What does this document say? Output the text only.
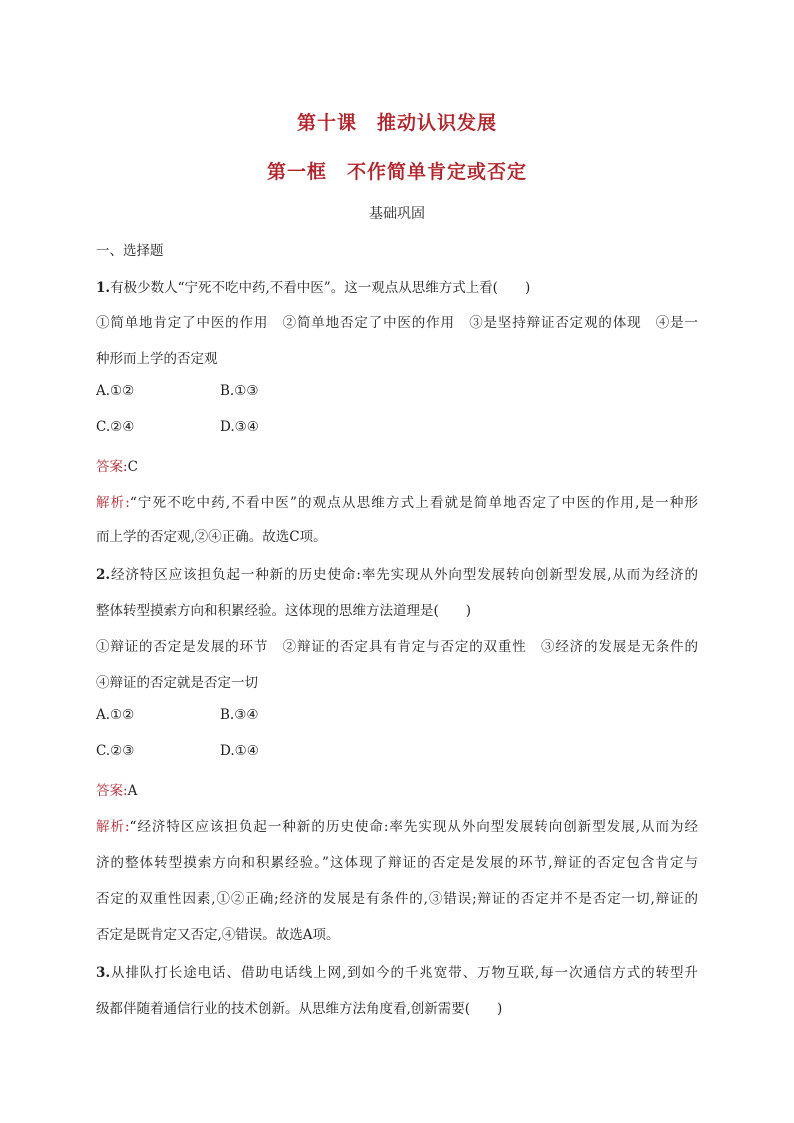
第十课　推动认识发展
第一框　不作简单肯定或否定
基础巩固
一、选择题
1.有极少数人“宁死不吃中药,不看中医”。这一观点从思维方式上看(　　)
①简单地肯定了中医的作用　②简单地否定了中医的作用　③是坚持辩证否定观的体现　④是一
种形而上学的否定观
A.①②	B.①③
C.②④	D.③④
答案:C
解析:“宁死不吃中药,不看中医”的观点从思维方式上看就是简单地否定了中医的作用,是一种形
而上学的否定观,②④正确。故选C项。
2.经济特区应该担负起一种新的历史使命:率先实现从外向型发展转向创新型发展,从而为经济的
整体转型摸索方向和积累经验。这体现的思维方法道理是(　　)
①辩证的否定是发展的环节　②辩证的否定具有肯定与否定的双重性　③经济的发展是无条件的
④辩证的否定就是否定一切
A.①②	B.③④
C.②③	D.①④
答案:A
解析:“经济特区应该担负起一种新的历史使命:率先实现从外向型发展转向创新型发展,从而为经
济的整体转型摸索方向和积累经验。”这体现了辩证的否定是发展的环节,辩证的否定包含肯定与
否定的双重性因素,①②正确;经济的发展是有条件的,③错误;辩证的否定并不是否定一切,辩证的
否定是既肯定又否定,④错误。故选A项。
3.从排队打长途电话、借助电话线上网,到如今的千兆宽带、万物互联,每一次通信方式的转型升
级都伴随着通信行业的技术创新。从思维方法角度看,创新需要(　　)
